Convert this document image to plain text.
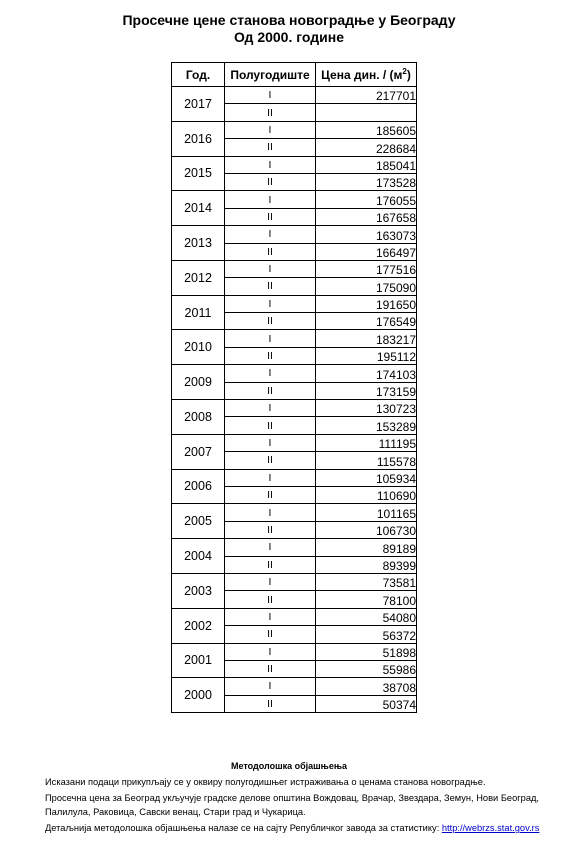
Просечне цене станова новоградње у Београду
Од 2000. године
Год.	Полугодиште	Цена дин. / $(м^2)$
2017	I	217701
	II	
2016	I	185605
	II	228684
2015	I	185041
	II	173528
2014	I	176055
	II	167658
2013	I	163073
	II	166497
2012	I	177516
	II	175090
2011	I	191650
	II	176549
2010	I	183217
	II	195112
2009	I	174103
	II	173159
2008	I	130723
	II	153289
2007	I	111195
	II	115578
2006	I	105934
	II	110690
2005	I	101165
	II	106730
2004	I	89189
	II	89399
2003	I	73581
	II	78100
2002	I	54080
	II	56372
2001	I	51898
	II	55986
2000	I	38708
	II	50374
Методолошка објашњења
Исказани подаци прикупљају се у оквиру полугодишњег истраживања о ценама станова новоградње.
Просечна цена за Београд укључује градске делове општина Вождовац, Врачар, Звездара, Земун, Нови Београд,
Палилула, Раковица, Савски венац, Стари град и Чукарица.
Детаљнија методолошка објашњења налазе се на сајту Републичког завода за статистику: http://webrzs.stat.gov.rs
